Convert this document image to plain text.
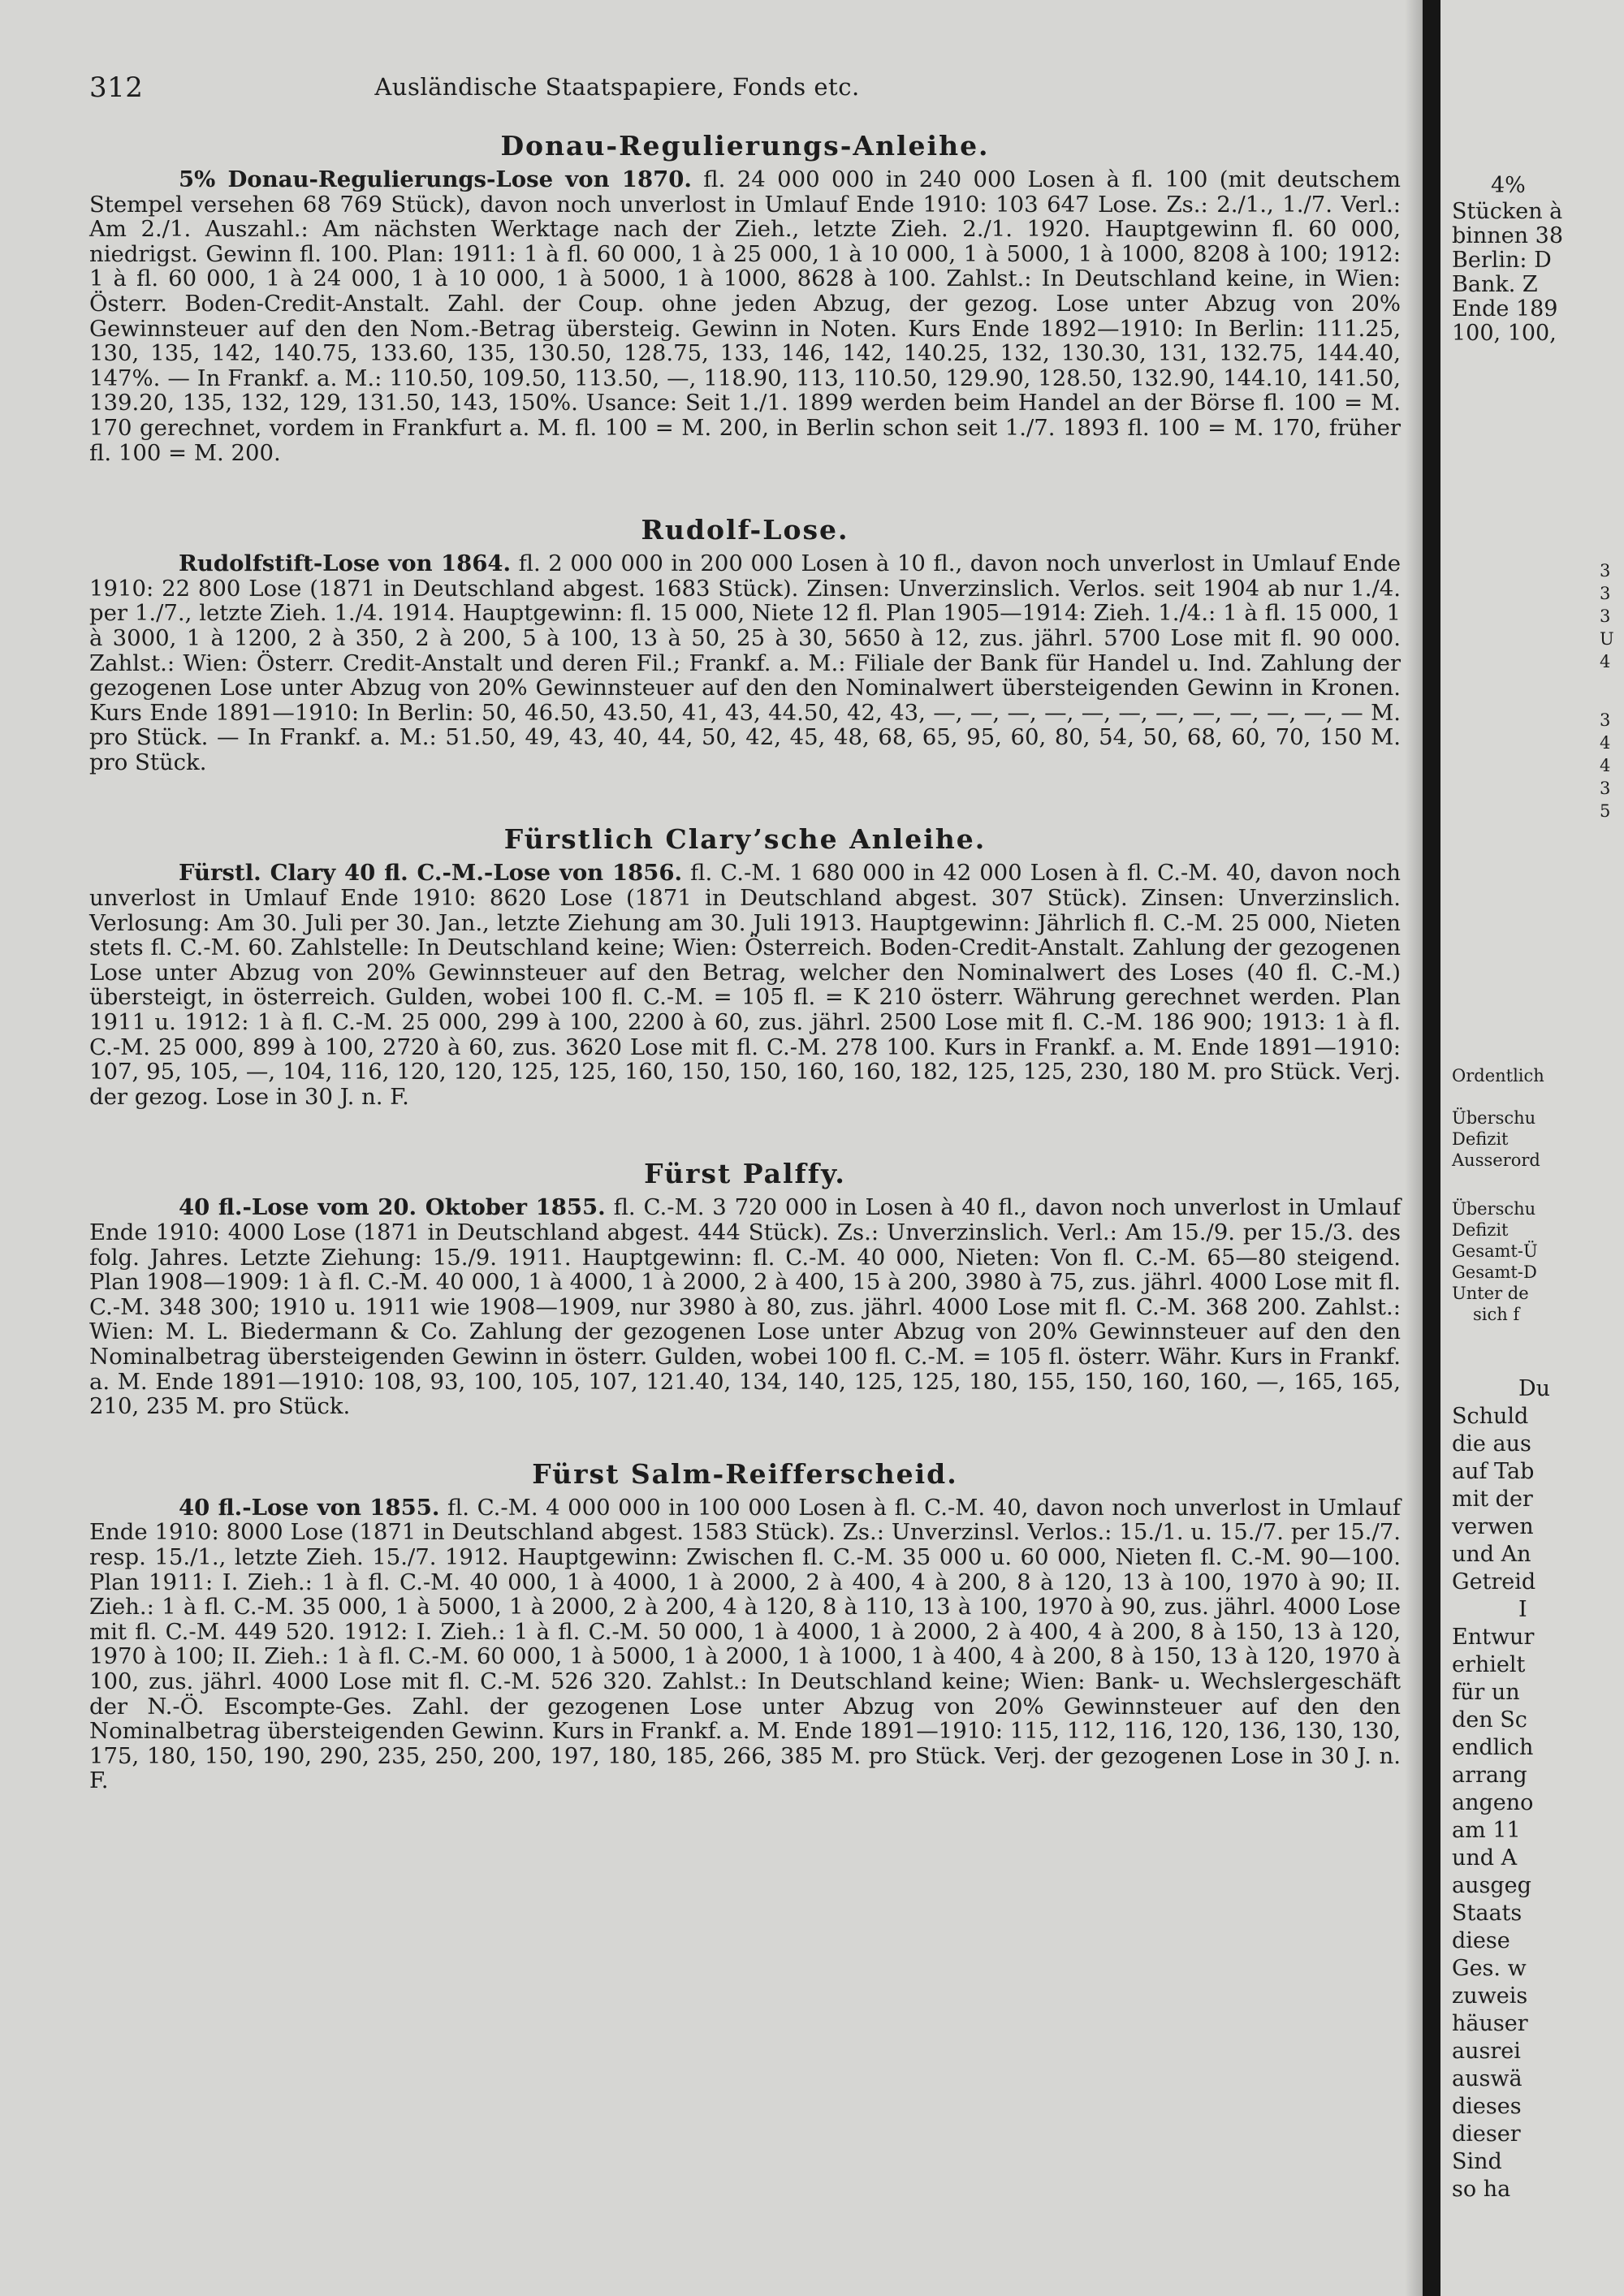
312	Ausländische Staatspapiere, Fonds etc.
Donau-Regulierungs-Anleihe.

5% Donau-Regulierungs-Lose von 1870. fl. 24 000 000 in 240 000 Losen à fl. 100 (mit deutschem Stempel versehen 68 769 Stück), davon noch unverlost in Umlauf Ende 1910: 103 647 Lose. Zs.: 2./1., 1./7. Verl.: Am 2./1. Auszahl.: Am nächsten Werktage nach der Zieh., letzte Zieh. 2./1. 1920. Hauptgewinn fl. 60 000, niedrigst. Gewinn fl. 100. Plan: 1911: 1 à fl. 60 000, 1 à 25 000, 1 à 10 000, 1 à 5000, 1 à 1000, 8208 à 100; 1912: 1 à fl. 60 000, 1 à 24 000, 1 à 10 000, 1 à 5000, 1 à 1000, 8628 à 100. Zahlst.: In Deutschland keine, in Wien: Österr. Boden-Credit-Anstalt. Zahl. der Coup. ohne jeden Abzug, der gezog. Lose unter Abzug von 20% Gewinnsteuer auf den den Nom.-Betrag übersteig. Gewinn in Noten. Kurs Ende 1892—1910: In Berlin: 111.25, 130, 135, 142, 140.75, 133.60, 135, 130.50, 128.75, 133, 146, 142, 140.25, 132, 130.30, 131, 132.75, 144.40, 147%. — In Frankf. a. M.: 110.50, 109.50, 113.50, —, 118.90, 113, 110.50, 129.90, 128.50, 132.90, 144.10, 141.50, 139.20, 135, 132, 129, 131.50, 143, 150%. Usance: Seit 1./1. 1899 werden beim Handel an der Börse fl. 100 = M. 170 gerechnet, vordem in Frankfurt a. M. fl. 100 = M. 200, in Berlin schon seit 1./7. 1893 fl. 100 = M. 170, früher fl. 100 = M. 200.

Rudolf-Lose.

Rudolfstift-Lose von 1864. fl. 2 000 000 in 200 000 Losen à 10 fl., davon noch unverlost in Umlauf Ende 1910: 22 800 Lose (1871 in Deutschland abgest. 1683 Stück). Zinsen: Unverzinslich. Verlos. seit 1904 ab nur 1./4. per 1./7., letzte Zieh. 1./4. 1914. Hauptgewinn: fl. 15 000, Niete 12 fl. Plan 1905—1914: Zieh. 1./4.: 1 à fl. 15 000, 1 à 3000, 1 à 1200, 2 à 350, 2 à 200, 5 à 100, 13 à 50, 25 à 30, 5650 à 12, zus. jährl. 5700 Lose mit fl. 90 000. Zahlst.: Wien: Österr. Credit-Anstalt und deren Fil.; Frankf. a. M.: Filiale der Bank für Handel u. Ind. Zahlung der gezogenen Lose unter Abzug von 20% Gewinnsteuer auf den den Nominalwert übersteigenden Gewinn in Kronen. Kurs Ende 1891—1910: In Berlin: 50, 46.50, 43.50, 41, 43, 44.50, 42, 43, —, —, —, —, —, —, —, —, —, —, —, — M. pro Stück. — In Frankf. a. M.: 51.50, 49, 43, 40, 44, 50, 42, 45, 48, 68, 65, 95, 60, 80, 54, 50, 68, 60, 70, 150 M. pro Stück.

Fürstlich Clary’sche Anleihe.

Fürstl. Clary 40 fl. C.-M.-Lose von 1856. fl. C.-M. 1 680 000 in 42 000 Losen à fl. C.-M. 40, davon noch unverlost in Umlauf Ende 1910: 8620 Lose (1871 in Deutschland abgest. 307 Stück). Zinsen: Unverzinslich. Verlosung: Am 30. Juli per 30. Jan., letzte Ziehung am 30. Juli 1913. Hauptgewinn: Jährlich fl. C.-M. 25 000, Nieten stets fl. C.-M. 60. Zahlstelle: In Deutschland keine; Wien: Österreich. Boden-Credit-Anstalt. Zahlung der gezogenen Lose unter Abzug von 20% Gewinnsteuer auf den Betrag, welcher den Nominalwert des Loses (40 fl. C.-M.) übersteigt, in österreich. Gulden, wobei 100 fl. C.-M. = 105 fl. = K 210 österr. Währung gerechnet werden. Plan 1911 u. 1912: 1 à fl. C.-M. 25 000, 299 à 100, 2200 à 60, zus. jährl. 2500 Lose mit fl. C.-M. 186 900; 1913: 1 à fl. C.-M. 25 000, 899 à 100, 2720 à 60, zus. 3620 Lose mit fl. C.-M. 278 100. Kurs in Frankf. a. M. Ende 1891—1910: 107, 95, 105, —, 104, 116, 120, 120, 125, 125, 160, 150, 150, 160, 160, 182, 125, 125, 230, 180 M. pro Stück. Verj. der gezog. Lose in 30 J. n. F.

Fürst Palffy.

40 fl.-Lose vom 20. Oktober 1855. fl. C.-M. 3 720 000 in Losen à 40 fl., davon noch unverlost in Umlauf Ende 1910: 4000 Lose (1871 in Deutschland abgest. 444 Stück). Zs.: Unverzinslich. Verl.: Am 15./9. per 15./3. des folg. Jahres. Letzte Ziehung: 15./9. 1911. Hauptgewinn: fl. C.-M. 40 000, Nieten: Von fl. C.-M. 65—80 steigend. Plan 1908—1909: 1 à fl. C.-M. 40 000, 1 à 4000, 1 à 2000, 2 à 400, 15 à 200, 3980 à 75, zus. jährl. 4000 Lose mit fl. C.-M. 348 300; 1910 u. 1911 wie 1908—1909, nur 3980 à 80, zus. jährl. 4000 Lose mit fl. C.-M. 368 200. Zahlst.: Wien: M. L. Biedermann & Co. Zahlung der gezogenen Lose unter Abzug von 20% Gewinnsteuer auf den den Nominalbetrag übersteigenden Gewinn in österr. Gulden, wobei 100 fl. C.-M. = 105 fl. österr. Währ. Kurs in Frankf. a. M. Ende 1891—1910: 108, 93, 100, 105, 107, 121.40, 134, 140, 125, 125, 180, 155, 150, 160, 160, —, 165, 165, 210, 235 M. pro Stück.

Fürst Salm-Reifferscheid.

40 fl.-Lose von 1855. fl. C.-M. 4 000 000 in 100 000 Losen à fl. C.-M. 40, davon noch unverlost in Umlauf Ende 1910: 8000 Lose (1871 in Deutschland abgest. 1583 Stück). Zs.: Unverzinsl. Verlos.: 15./1. u. 15./7. per 15./7. resp. 15./1., letzte Zieh. 15./7. 1912. Hauptgewinn: Zwischen fl. C.-M. 35 000 u. 60 000, Nieten fl. C.-M. 90—100. Plan 1911: I. Zieh.: 1 à fl. C.-M. 40 000, 1 à 4000, 1 à 2000, 2 à 400, 4 à 200, 8 à 120, 13 à 100, 1970 à 90; II. Zieh.: 1 à fl. C.-M. 35 000, 1 à 5000, 1 à 2000, 2 à 200, 4 à 120, 8 à 110, 13 à 100, 1970 à 90, zus. jährl. 4000 Lose mit fl. C.-M. 449 520. 1912: I. Zieh.: 1 à fl. C.-M. 50 000, 1 à 4000, 1 à 2000, 2 à 400, 4 à 200, 8 à 150, 13 à 120, 1970 à 100; II. Zieh.: 1 à fl. C.-M. 60 000, 1 à 5000, 1 à 2000, 1 à 1000, 1 à 400, 4 à 200, 8 à 150, 13 à 120, 1970 à 100, zus. jährl. 4000 Lose mit fl. C.-M. 526 320. Zahlst.: In Deutschland keine; Wien: Bank- u. Wechslergeschäft der N.-Ö. Escompte-Ges. Zahl. der gezogenen Lose unter Abzug von 20% Gewinnsteuer auf den den Nominalbetrag übersteigenden Gewinn. Kurs in Frankf. a. M. Ende 1891—1910: 115, 112, 116, 120, 136, 130, 130, 175, 180, 150, 190, 290, 235, 250, 200, 197, 180, 185, 266, 385 M. pro Stück. Verj. der gezogenen Lose in 30 J. n. F.

4%
Stücken à
binnen 38
Berlin: D
Bank. Z
Ende 189
100, 100,
3
3
3
U
4
3
4
4
3
5
Ordentlich
Überschu
Defizit
Ausserord
Überschu
Defizit
Gesamt-Ü
Gesamt-D
Unter de
sich f
Du
Schuld
die aus
auf Tab
mit der
verwen
und An
Getreid
I
Entwur
erhielt
für un
den Sc
endlich
arrang
angeno
am 11
und A
ausgeg
Staats
diese
Ges. w
zuweis
häuser
ausrei
auswä
dieses
dieser
Sind
so ha
